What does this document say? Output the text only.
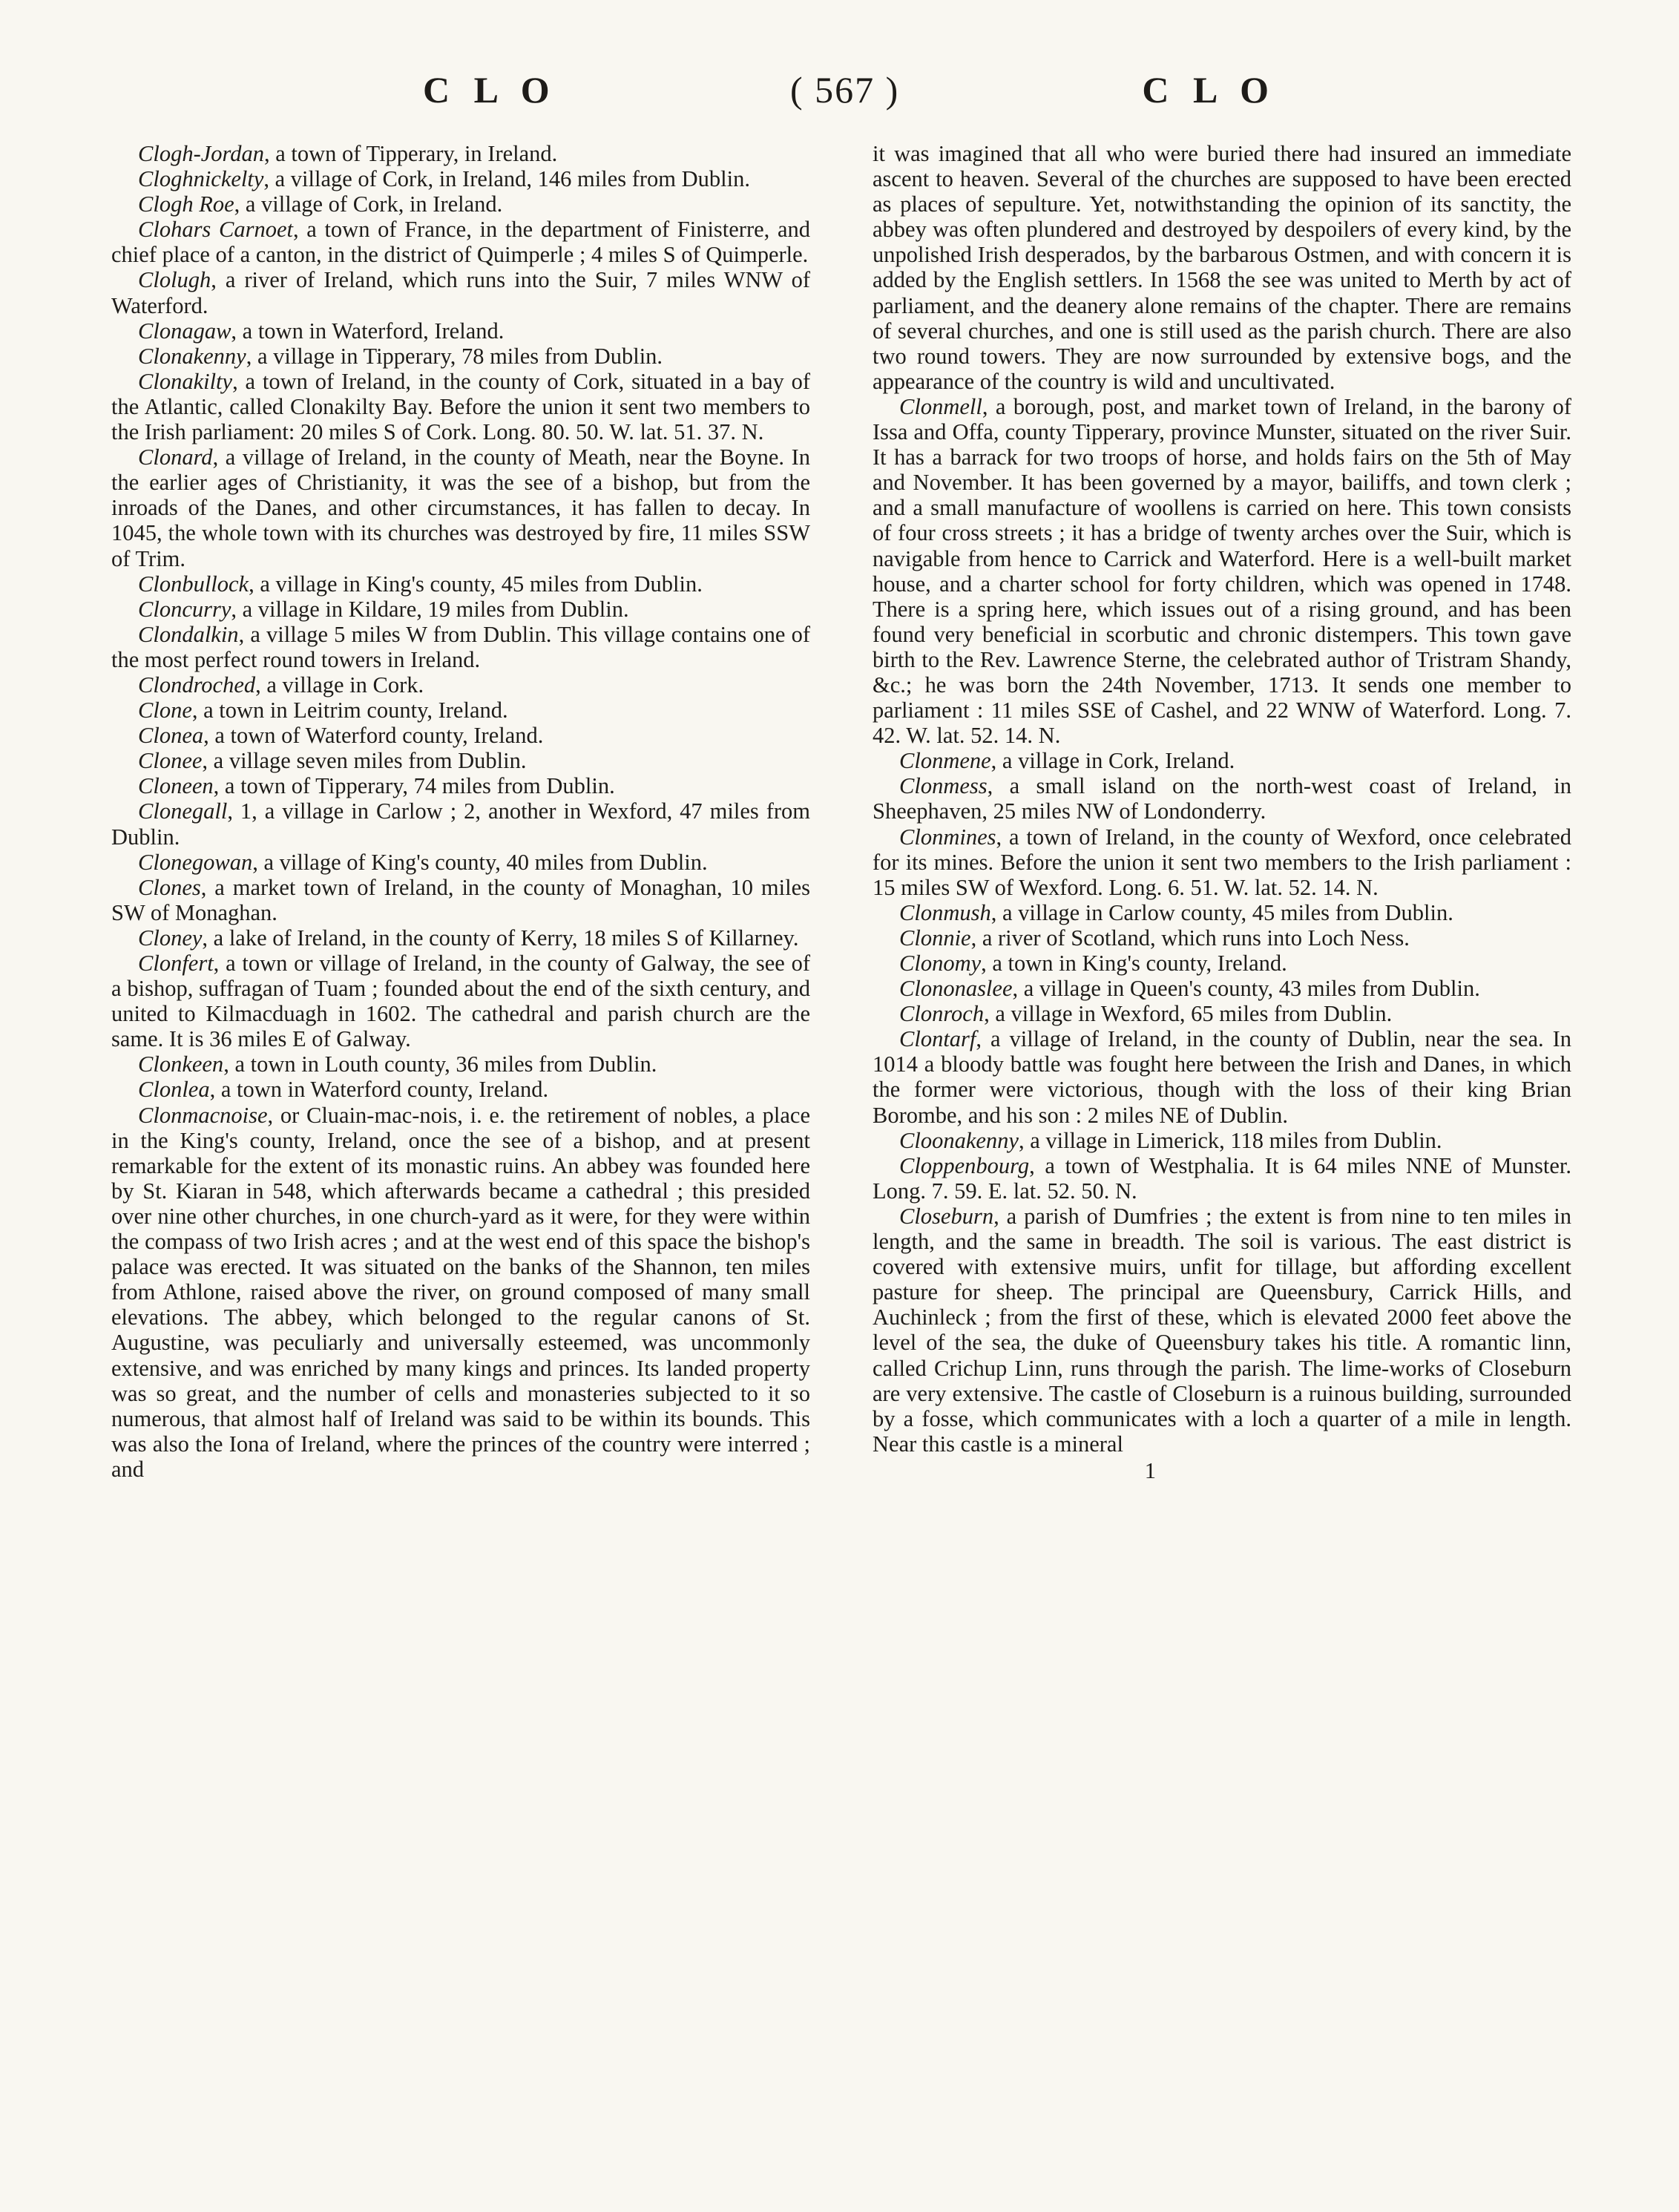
C L O	( 567 )	C L O

Clogh-Jordan, a town of Tipperary, in Ireland.

Cloghnickelty, a village of Cork, in Ireland, 146 miles from Dublin.

Clogh Roe, a village of Cork, in Ireland.

Clohars Carnoet, a town of France, in the department of Finisterre, and chief place of a canton, in the district of Quimperle ; 4 miles S of Quimperle.

Clolugh, a river of Ireland, which runs into the Suir, 7 miles WNW of Waterford.

Clonagaw, a town in Waterford, Ireland.

Clonakenny, a village in Tipperary, 78 miles from Dublin.

Clonakilty, a town of Ireland, in the county of Cork, situated in a bay of the Atlantic, called Clonakilty Bay. Before the union it sent two members to the Irish parliament: 20 miles S of Cork. Long. 80. 50. W. lat. 51. 37. N.

Clonard, a village of Ireland, in the county of Meath, near the Boyne. In the earlier ages of Christianity, it was the see of a bishop, but from the inroads of the Danes, and other circumstances, it has fallen to decay. In 1045, the whole town with its churches was destroyed by fire, 11 miles SSW of Trim.

Clonbullock, a village in King's county, 45 miles from Dublin.

Cloncurry, a village in Kildare, 19 miles from Dublin.

Clondalkin, a village 5 miles W from Dublin. This village contains one of the most perfect round towers in Ireland.

Clondroched, a village in Cork.

Clone, a town in Leitrim county, Ireland.

Clonea, a town of Waterford county, Ireland.

Clonee, a village seven miles from Dublin.

Cloneen, a town of Tipperary, 74 miles from Dublin.

Clonegall, 1, a village in Carlow ; 2, another in Wexford, 47 miles from Dublin.

Clonegowan, a village of King's county, 40 miles from Dublin.

Clones, a market town of Ireland, in the county of Monaghan, 10 miles SW of Monaghan.

Cloney, a lake of Ireland, in the county of Kerry, 18 miles S of Killarney.

Clonfert, a town or village of Ireland, in the county of Galway, the see of a bishop, suffragan of Tuam ; founded about the end of the sixth century, and united to Kilmacduagh in 1602. The cathedral and parish church are the same. It is 36 miles E of Galway.

Clonkeen, a town in Louth county, 36 miles from Dublin.

Clonlea, a town in Waterford county, Ireland.

Clonmacnoise, or Cluain-mac-nois, i. e. the retirement of nobles, a place in the King's county, Ireland, once the see of a bishop, and at present remarkable for the extent of its monastic ruins. An abbey was founded here by St. Kiaran in 548, which afterwards became a cathedral ; this presided over nine other churches, in one church-yard as it were, for they were within the compass of two Irish acres ; and at the west end of this space the bishop's palace was erected. It was situated on the banks of the Shannon, ten miles from Athlone, raised above the river, on ground composed of many small elevations. The abbey, which belonged to the regular canons of St. Augustine, was peculiarly and universally esteemed, was uncommonly extensive, and was enriched by many kings and princes. Its landed property was so great, and the number of cells and monasteries subjected to it so numerous, that almost half of Ireland was said to be within its bounds. This was also the Iona of Ireland, where the princes of the country were interred ; and

it was imagined that all who were buried there had insured an immediate ascent to heaven. Several of the churches are supposed to have been erected as places of sepulture. Yet, notwithstanding the opinion of its sanctity, the abbey was often plundered and destroyed by despoilers of every kind, by the unpolished Irish desperados, by the barbarous Ostmen, and with concern it is added by the English settlers. In 1568 the see was united to Merth by act of parliament, and the deanery alone remains of the chapter. There are remains of several churches, and one is still used as the parish church. There are also two round towers. They are now surrounded by extensive bogs, and the appearance of the country is wild and uncultivated.

Clonmell, a borough, post, and market town of Ireland, in the barony of Issa and Offa, county Tipperary, province Munster, situated on the river Suir. It has a barrack for two troops of horse, and holds fairs on the 5th of May and November. It has been governed by a mayor, bailiffs, and town clerk ; and a small manufacture of woollens is carried on here. This town consists of four cross streets ; it has a bridge of twenty arches over the Suir, which is navigable from hence to Carrick and Waterford. Here is a well-built market house, and a charter school for forty children, which was opened in 1748. There is a spring here, which issues out of a rising ground, and has been found very beneficial in scorbutic and chronic distempers. This town gave birth to the Rev. Lawrence Sterne, the celebrated author of Tristram Shandy, &c.; he was born the 24th November, 1713. It sends one member to parliament : 11 miles SSE of Cashel, and 22 WNW of Waterford. Long. 7. 42. W. lat. 52. 14. N.

Clonmene, a village in Cork, Ireland.

Clonmess, a small island on the north-west coast of Ireland, in Sheephaven, 25 miles NW of Londonderry.

Clonmines, a town of Ireland, in the county of Wexford, once celebrated for its mines. Before the union it sent two members to the Irish parliament : 15 miles SW of Wexford. Long. 6. 51. W. lat. 52. 14. N.

Clonmush, a village in Carlow county, 45 miles from Dublin.

Clonnie, a river of Scotland, which runs into Loch Ness.

Clonomy, a town in King's county, Ireland.

Clononaslee, a village in Queen's county, 43 miles from Dublin.

Clonroch, a village in Wexford, 65 miles from Dublin.

Clontarf, a village of Ireland, in the county of Dublin, near the sea. In 1014 a bloody battle was fought here between the Irish and Danes, in which the former were victorious, though with the loss of their king Brian Borombe, and his son : 2 miles NE of Dublin.

Cloonakenny, a village in Limerick, 118 miles from Dublin.

Cloppenbourg, a town of Westphalia. It is 64 miles NNE of Munster. Long. 7. 59. E. lat. 52. 50. N.

Closeburn, a parish of Dumfries ; the extent is from nine to ten miles in length, and the same in breadth. The soil is various. The east district is covered with extensive muirs, unfit for tillage, but affording excellent pasture for sheep. The principal are Queensbury, Carrick Hills, and Auchinleck ; from the first of these, which is elevated 2000 feet above the level of the sea, the duke of Queensbury takes his title. A romantic linn, called Crichup Linn, runs through the parish. The lime-works of Closeburn are very extensive. The castle of Closeburn is a ruinous building, surrounded by a fosse, which communicates with a loch a quarter of a mile in length. Near this castle is a mineral

1
